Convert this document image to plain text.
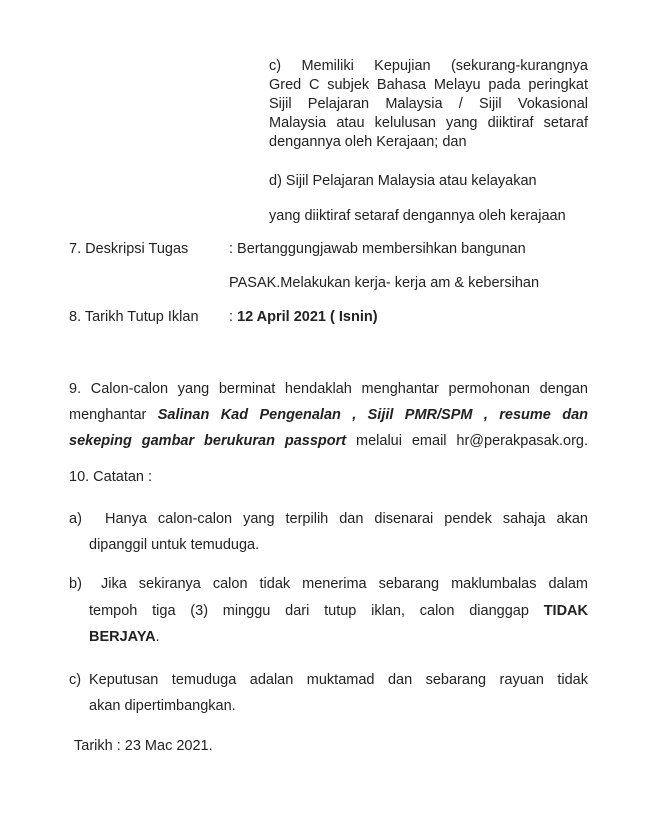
c) Memiliki Kepujian (sekurang-kurangnya
Gred C subjek Bahasa Melayu pada peringkat
Sijil Pelajaran Malaysia / Sijil Vokasional
Malaysia atau kelulusan yang diiktiraf setaraf
dengannya oleh Kerajaan; dan
d) Sijil Pelajaran Malaysia atau kelayakan
yang diiktiraf setaraf dengannya oleh kerajaan
7. Deskripsi Tugas	: Bertanggungjawab membersihkan bangunan
PASAK.Melakukan kerja- kerja am & kebersihan
8. Tarikh Tutup Iklan : 12 April 2021 ( Isnin)
9. Calon-calon yang berminat hendaklah menghantar permohonan dengan
menghantar Salinan Kad Pengenalan , Sijil PMR/SPM , resume dan
sekeping gambar berukuran passport melalui email hr@perakpasak.org.
10. Catatan :
a) Hanya calon-calon yang terpilih dan disenarai pendek sahaja akan
dipanggil untuk temuduga.
b) Jika sekiranya calon tidak menerima sebarang maklumbalas dalam
tempoh tiga (3) minggu dari tutup iklan, calon dianggap TIDAK
BERJAYA.
c) Keputusan temuduga adalan muktamad dan sebarang rayuan tidak
akan dipertimbangkan.
Tarikh : 23 Mac 2021.
